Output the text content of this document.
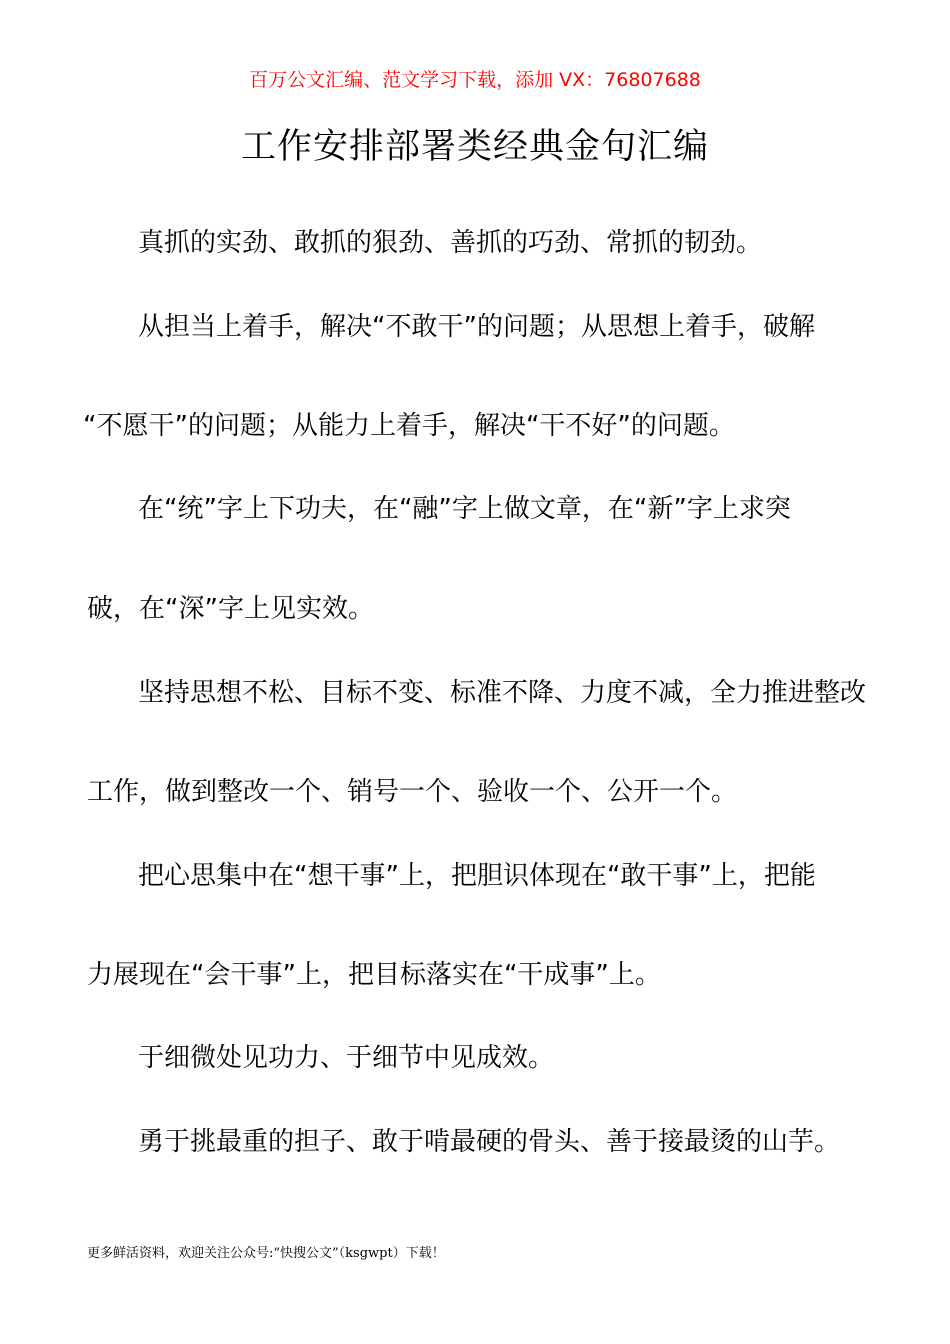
百万公文汇编、范文学习下载，添加 VX：76807688
工作安排部署类经典金句汇编
真抓的实劲、敢抓的狠劲、善抓的巧劲、常抓的韧劲。
从担当上着手，解决“不敢干”的问题；从思想上着手，破解
“不愿干”的问题；从能力上着手，解决“干不好”的问题。
在“统”字上下功夫，在“融”字上做文章，在“新”字上求突
破，在“深”字上见实效。
坚持思想不松、目标不变、标准不降、力度不减，全力推进整改
工作，做到整改一个、销号一个、验收一个、公开一个。
把心思集中在“想干事”上，把胆识体现在“敢干事”上，把能
力展现在“会干事”上，把目标落实在“干成事”上。
于细微处见功力、于细节中见成效。
勇于挑最重的担子、敢于啃最硬的骨头、善于接最烫的山芋。
更多鲜活资料，欢迎关注公众号:“快搜公文”（ksgwpt）下载！
